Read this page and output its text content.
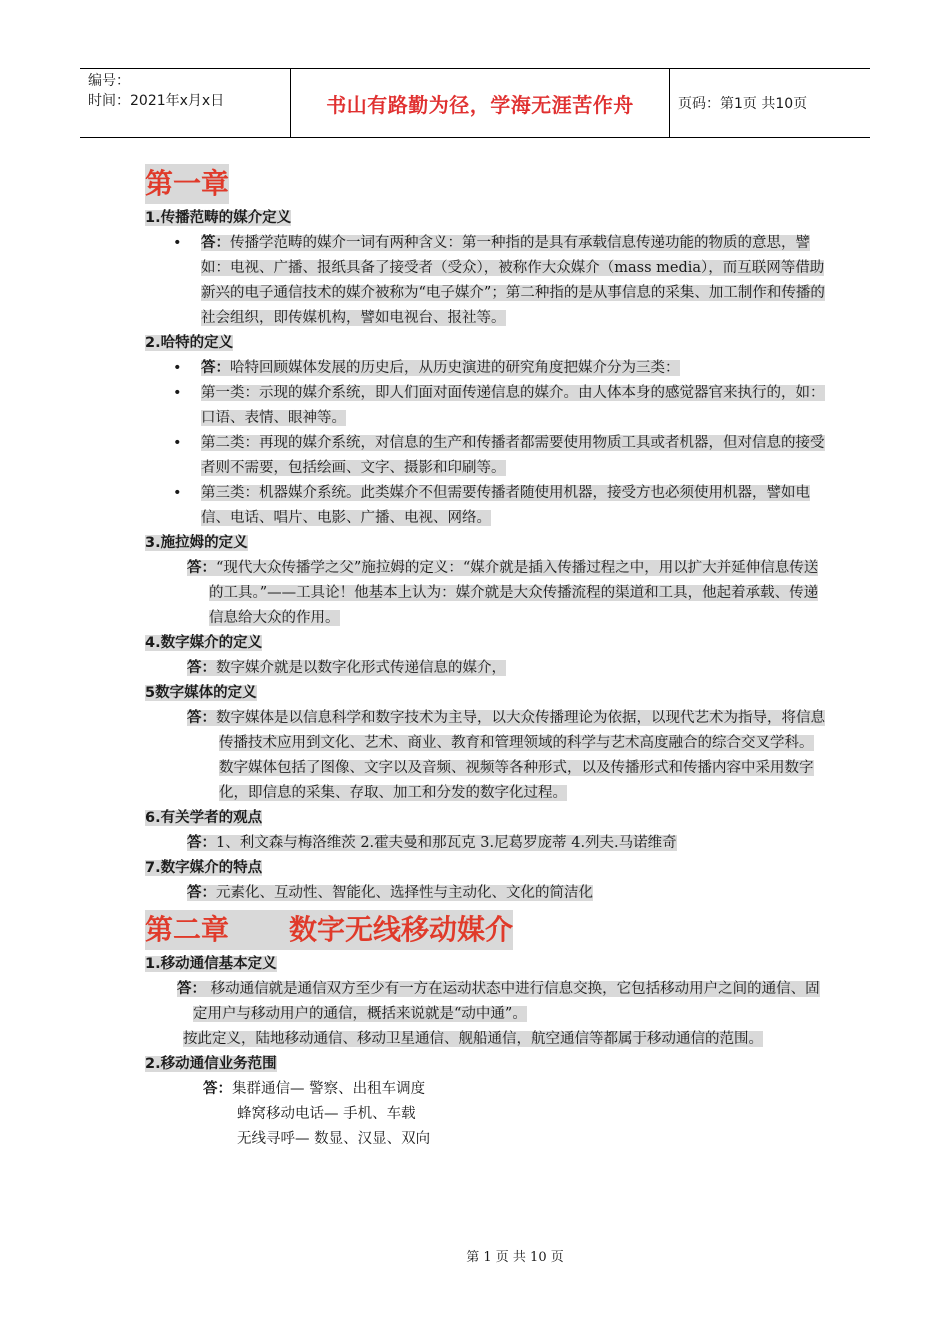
编号：
时间：2021年x月x日	书山有路勤为径，学海无涯苦作舟	页码：第1页 共10页
第一章

1.传播范畴的媒介定义

• 答：传播学范畴的媒介一词有两种含义：第一种指的是具有承载信息传递功能的物质的意思，譬如：电视、广播、报纸具备了接受者（受众），被称作大众媒介（mass media），而互联网等借助新兴的电子通信技术的媒介被称为“电子媒介”；第二种指的是从事信息的采集、加工制作和传播的社会组织，即传媒机构，譬如电视台、报社等。

2.哈特的定义

• 答：哈特回顾媒体发展的历史后，从历史演进的研究角度把媒介分为三类：

• 第一类：示现的媒介系统，即人们面对面传递信息的媒介。由人体本身的感觉器官来执行的，如：口语、表情、眼神等。

• 第二类：再现的媒介系统，对信息的生产和传播者都需要使用物质工具或者机器，但对信息的接受者则不需要，包括绘画、文字、摄影和印刷等。

• 第三类：机器媒介系统。此类媒介不但需要传播者随使用机器，接受方也必须使用机器，譬如电信、电话、唱片、电影、广播、电视、网络。

3.施拉姆的定义

答：“现代大众传播学之父”施拉姆的定义：“媒介就是插入传播过程之中，用以扩大并延伸信息传送的工具。”——工具论！他基本上认为：媒介就是大众传播流程的渠道和工具，他起着承载、传递信息给大众的作用。

4.数字媒介的定义

答：数字媒介就是以数字化形式传递信息的媒介，

5数字媒体的定义

答：数字媒体是以信息科学和数字技术为主导，以大众传播理论为依据，以现代艺术为指导，将信息传播技术应用到文化、艺术、商业、教育和管理领域的科学与艺术高度融合的综合交叉学科。数字媒体包括了图像、文字以及音频、视频等各种形式，以及传播形式和传播内容中采用数字化，即信息的采集、存取、加工和分发的数字化过程。

6.有关学者的观点

答：1、利文森与梅洛维茨 2.霍夫曼和那瓦克 3.尼葛罗庞蒂 4.列夫.马诺维奇

7.数字媒介的特点

答：元素化、互动性、智能化、选择性与主动化、文化的简洁化

第二章 数字无线移动媒介

1.移动通信基本定义

答： 移动通信就是通信双方至少有一方在运动状态中进行信息交换，它包括移动用户之间的通信、固定用户与移动用户的通信，概括来说就是“动中通”。

按此定义，陆地移动通信、移动卫星通信、舰船通信，航空通信等都属于移动通信的范围。

2.移动通信业务范围

答：集群通信— 警察、出租车调度
蜂窝移动电话— 手机、车载
无线寻呼— 数显、汉显、双向
第 1 页 共 10 页
